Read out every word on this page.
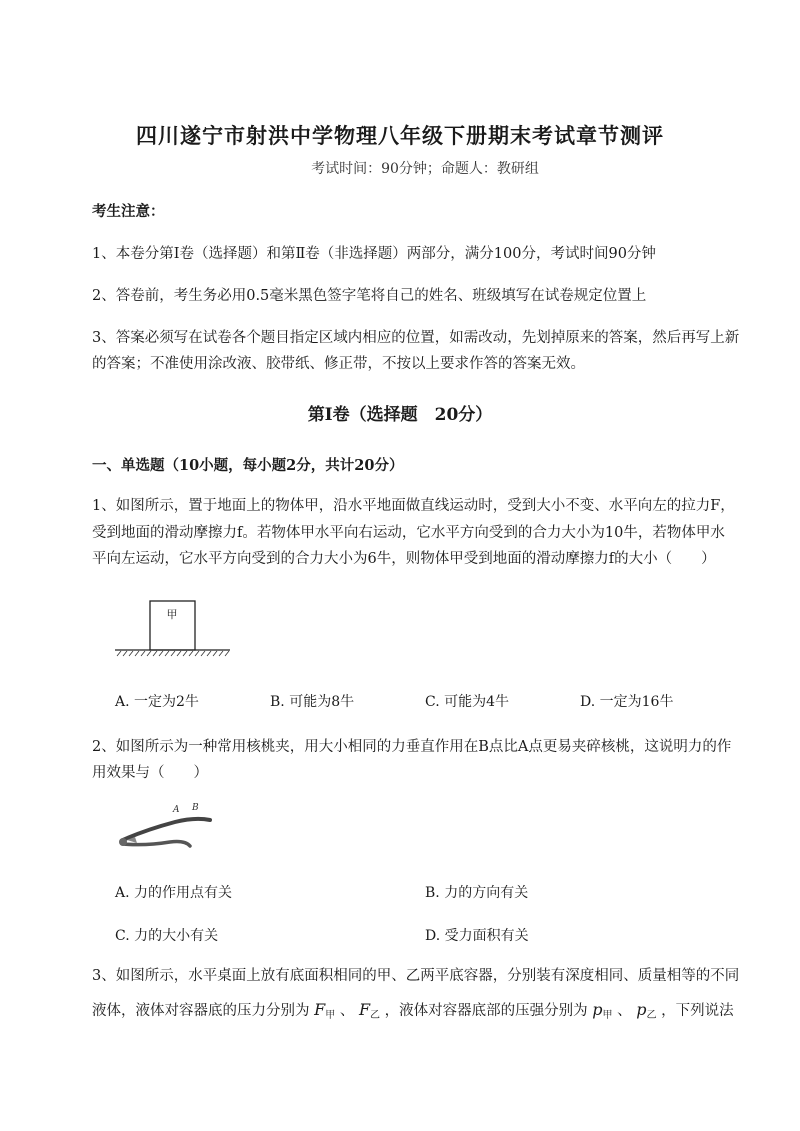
四川遂宁市射洪中学物理八年级下册期末考试章节测评
考试时间：90分钟；命题人：教研组
考生注意：
1、本卷分第I卷（选择题）和第Ⅱ卷（非选择题）两部分，满分100分，考试时间90分钟
2、答卷前，考生务必用0.5毫米黑色签字笔将自己的姓名、班级填写在试卷规定位置上
3、答案必须写在试卷各个题目指定区域内相应的位置，如需改动，先划掉原来的答案，然后再写上新
的答案；不准使用涂改液、胶带纸、修正带，不按以上要求作答的答案无效。
第I卷（选择题　20分）
一、单选题（10小题，每小题2分，共计20分）
1、如图所示，置于地面上的物体甲，沿水平地面做直线运动时，受到大小不变、水平向左的拉力F，
受到地面的滑动摩擦力f。若物体甲水平向右运动，它水平方向受到的合力大小为10牛，若物体甲水
平向左运动，它水平方向受到的合力大小为6牛，则物体甲受到地面的滑动摩擦力f的大小（　　）
甲
A. 一定为2牛	B. 可能为8牛	C. 可能为4牛	D. 一定为16牛
2、如图所示为一种常用核桃夹，用大小相同的力垂直作用在B点比A点更易夹碎核桃，这说明力的作
用效果与（　　）
A B
A. 力的作用点有关	B. 力的方向有关
C. 力的大小有关	D. 受力面积有关
3、如图所示，水平桌面上放有底面积相同的甲、乙两平底容器，分别装有深度相同、质量相等的不同
液体，液体对容器底的压力分别为 $F_甲$ 、 $F_乙$ ，液体对容器底部的压强分别为 $p_甲$ 、 $p_乙$ ，下列说法
